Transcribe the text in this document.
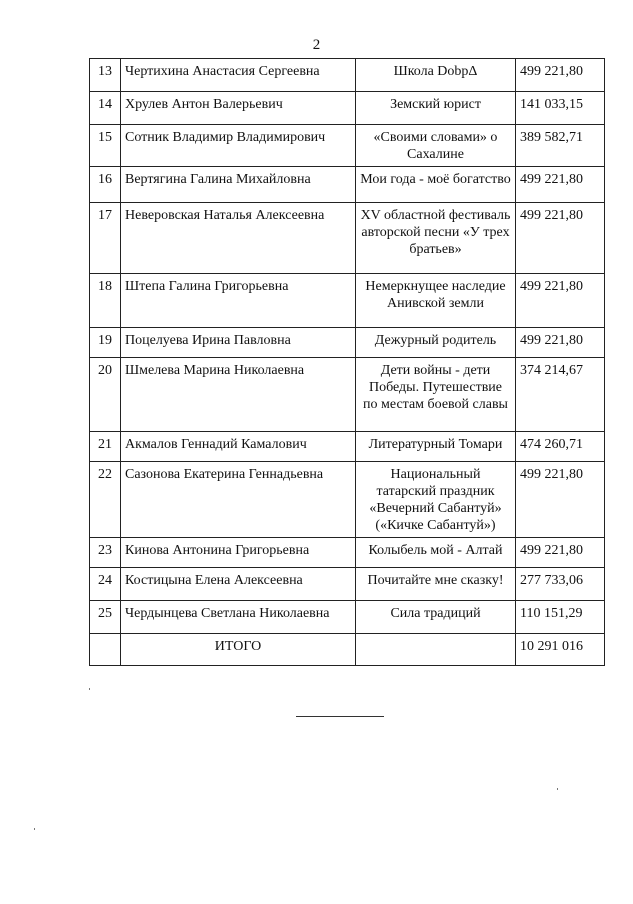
2
13	Чертихина Анастасия Сергеевна	Школа DobpΔ	499 221,80
14	Хрулев Антон Валерьевич	Земский юрист	141 033,15
15	Сотник Владимир Владимирович	«Своими словами» о Сахалине	389 582,71
16	Вертягина Галина Михайловна	Мои года - моё богатство	499 221,80
17	Неверовская Наталья Алексеевна	XV областной фестиваль авторской песни «У трех братьев»	499 221,80
18	Штепа Галина Григорьевна	Немеркнущее наследие Анивской земли	499 221,80
19	Поцелуева Ирина Павловна	Дежурный родитель	499 221,80
20	Шмелева Марина Николаевна	Дети войны - дети Победы. Путешествие по местам боевой славы	374 214,67
21	Акмалов Геннадий Камалович	Литературный Томари	474 260,71
22	Сазонова Екатерина Геннадьевна	Национальный татарский праздник «Вечерний Сабантуй» («Кичке Сабантуй»)	499 221,80
23	Кинова Антонина Григорьевна	Колыбель мой - Алтай	499 221,80
24	Костицына Елена Алексеевна	Почитайте мне сказку!	277 733,06
25	Чердынцева Светлана Николаевна	Сила традиций	110 151,29
	ИТОГО		10 291 016
